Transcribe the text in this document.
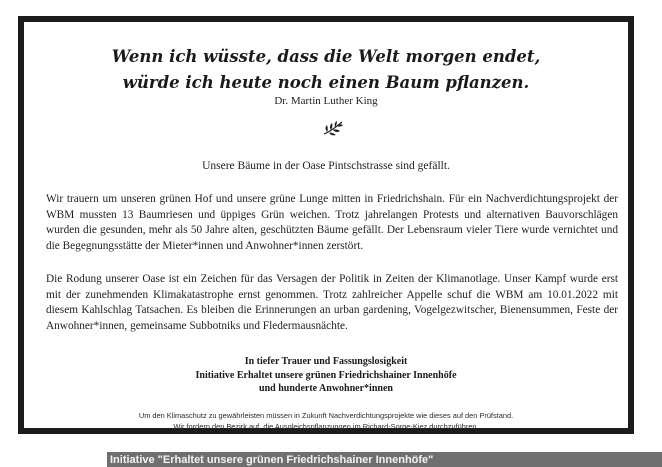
Wenn ich wüsste, dass die Welt morgen endet,
würde ich heute noch einen Baum pflanzen.
Dr. Martin Luther King
Unsere Bäume in der Oase Pintschstrasse sind gefällt.

Wir trauern um unseren grünen Hof und unsere grüne Lunge mitten in Friedrichshain. Für ein Nachverdichtungsprojekt der WBM mussten 13 Baumriesen und üppiges Grün weichen. Trotz jahrelangen Protests und alternativen Bauvorschlägen wurden die gesunden, mehr als 50 Jahre alten, geschützten Bäume gefällt. Der Lebensraum vieler Tiere wurde vernichtet und die Begegnungsstätte der Mieter*innen und Anwohner*innen zerstört.

Die Rodung unserer Oase ist ein Zeichen für das Versagen der Politik in Zeiten der Klimanotlage. Unser Kampf wurde erst mit der zunehmenden Klimakatastrophe ernst genommen. Trotz zahlreicher Appelle schuf die WBM am 10.01.2022 mit diesem Kahlschlag Tatsachen. Es bleiben die Erinnerungen an urban gardening, Vogelgezwitscher, Bienensummen, Feste der Anwohner*innen, gemeinsame Subbotniks und Fledermausnächte.

In tiefer Trauer und Fassungslosigkeit
Initiative Erhaltet unsere grünen Friedrichshainer Innenhöfe
und hunderte Anwohner*innen
Um den Klimaschutz zu gewährleisten müssen in Zukunft Nachverdichtungsprojekte wie dieses auf den Prüfstand.
Wir fordern den Bezirk auf, die Ausgleichspflanzungen im Richard-Sorge-Kiez durchzuführen.
Initiative "Erhaltet unsere grünen Friedrichshainer Innenhöfe"
